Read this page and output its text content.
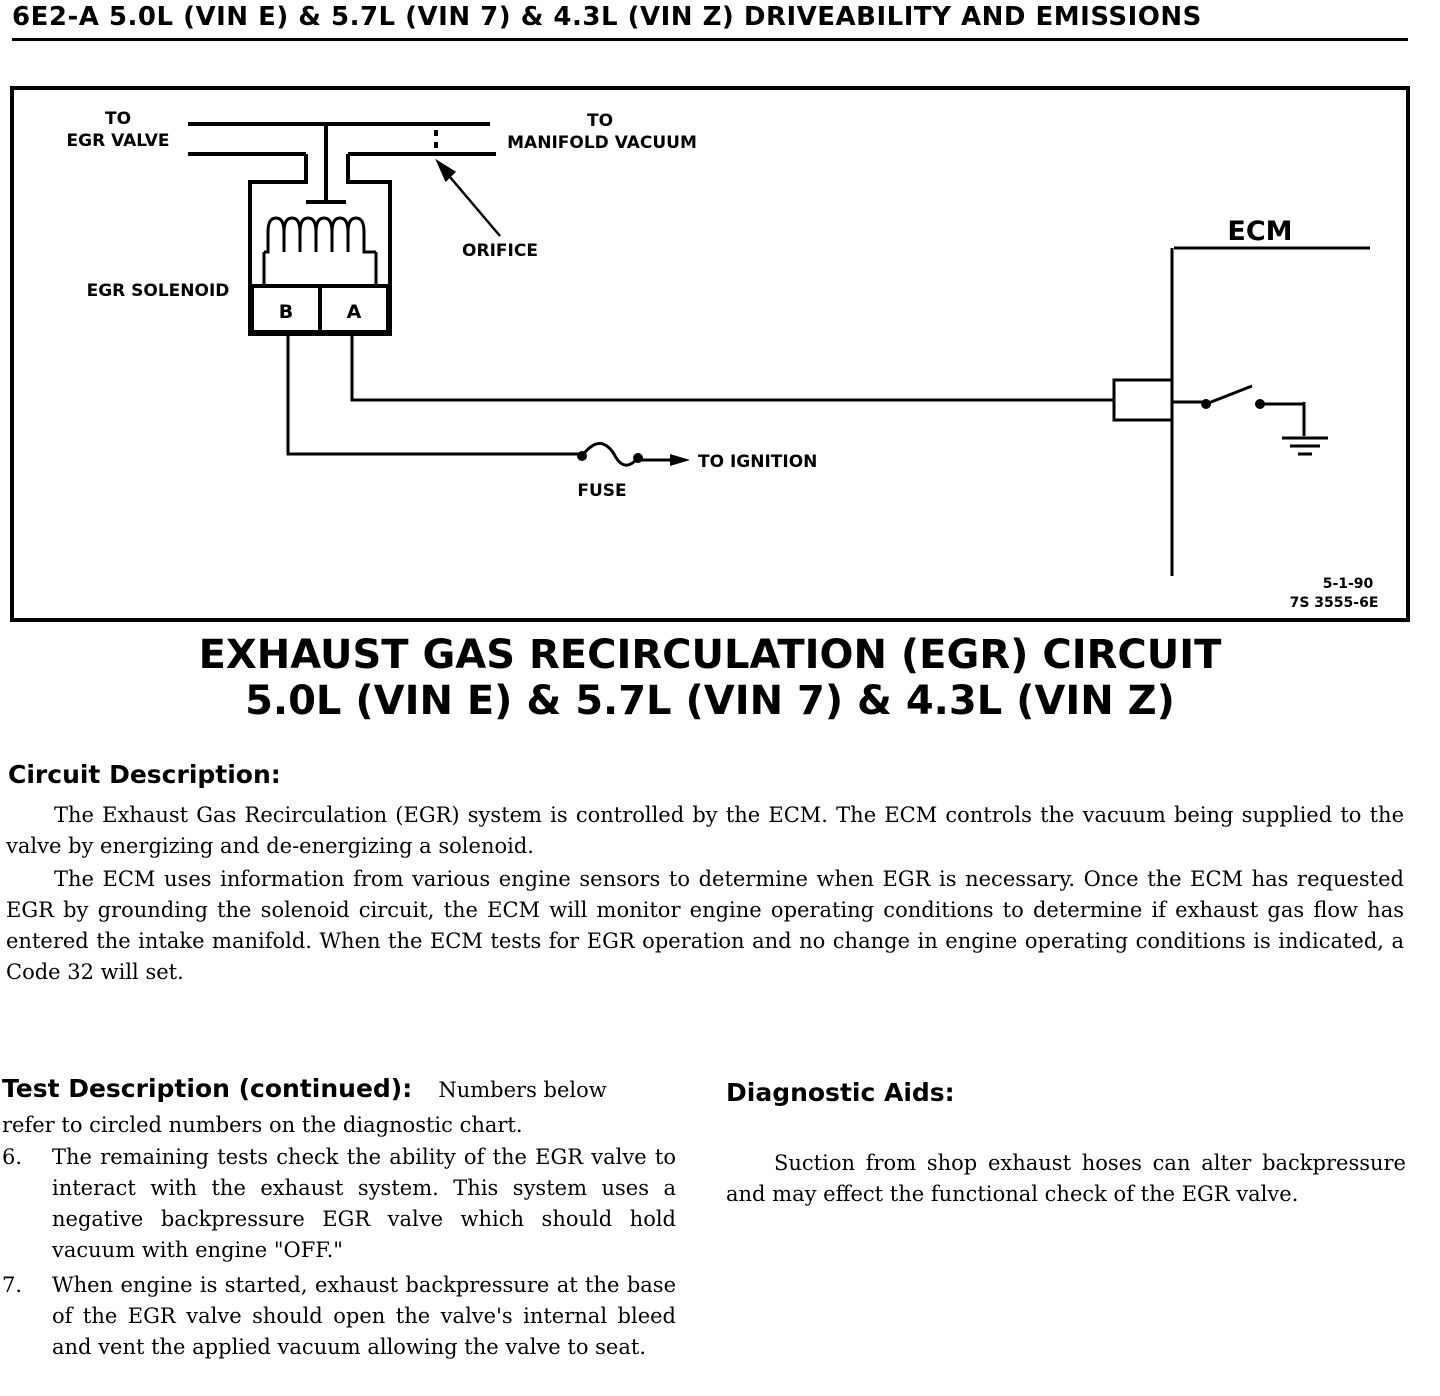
6E2-A 5.0L (VIN E) & 5.7L (VIN 7) & 4.3L (VIN Z) DRIVEABILITY AND EMISSIONS
TO
EGR VALVE
TO
MANIFOLD VACUUM
ORIFICE
EGR SOLENOID
B	A
ECM
TO IGNITION
FUSE
5-1-90
7S 3555-6E
EXHAUST GAS RECIRCULATION (EGR) CIRCUIT
5.0L (VIN E) & 5.7L (VIN 7) & 4.3L (VIN Z)
Circuit Description:
The Exhaust Gas Recirculation (EGR) system is controlled by the ECM. The ECM controls the vacuum being supplied to the valve by energizing and de-energizing a solenoid.
The ECM uses information from various engine sensors to determine when EGR is necessary. Once the ECM has requested EGR by grounding the solenoid circuit, the ECM will monitor engine operating conditions to determine if exhaust gas flow has entered the intake manifold. When the ECM tests for EGR operation and no change in engine operating conditions is indicated, a Code 32 will set.
Test Description (continued): Numbers below
refer to circled numbers on the diagnostic chart.
6. The remaining tests check the ability of the EGR valve to interact with the exhaust system. This system uses a negative backpressure EGR valve which should hold vacuum with engine "OFF."
7. When engine is started, exhaust backpressure at the base of the EGR valve should open the valve's internal bleed and vent the applied vacuum allowing the valve to seat.
Diagnostic Aids:
Suction from shop exhaust hoses can alter backpressure and may effect the functional check of the EGR valve.
